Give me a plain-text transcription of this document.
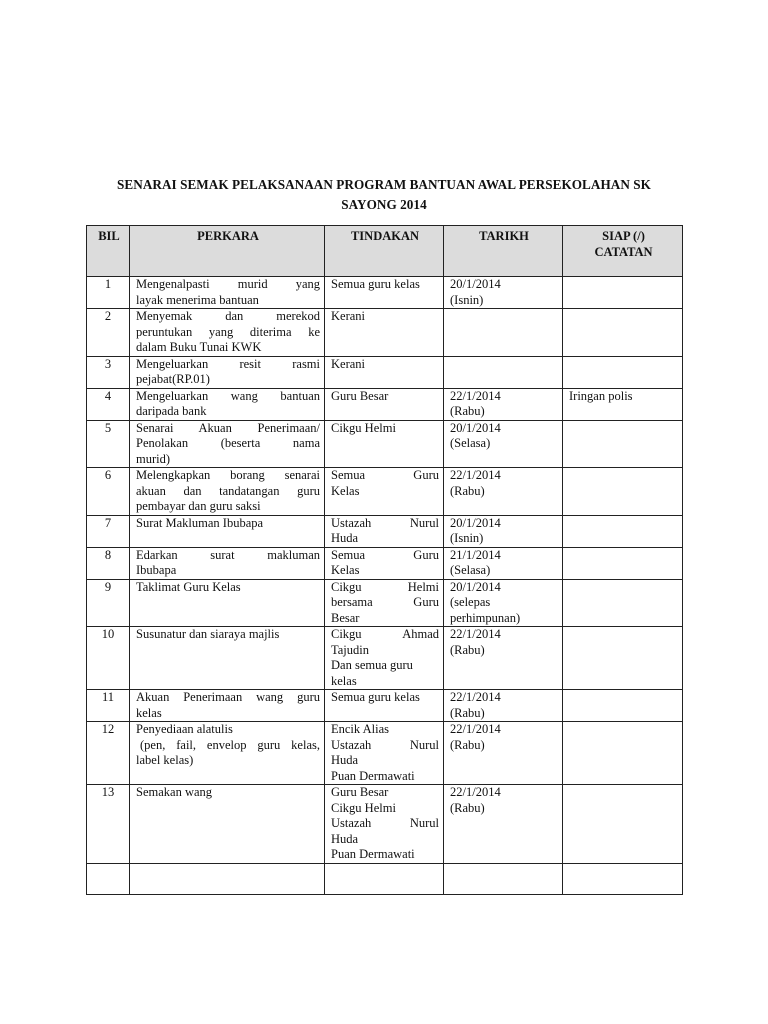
SENARAI SEMAK PELAKSANAAN PROGRAM BANTUAN AWAL PERSEKOLAHAN SK
SAYONG 2014
BIL	PERKARA	TINDAKAN	TARIKH	SIAP (/)
CATATAN

1	Mengenalpasti murid yang
layak menerima bantuan	Semua guru kelas	20/1/2014
(Isnin)	

2	Menyemak dan merekod
peruntukan yang diterima ke
dalam Buku Tunai KWK	Kerani		

3	Mengeluarkan resit rasmi
pejabat(RP.01)	Kerani		

4	Mengeluarkan wang bantuan
daripada bank	Guru Besar	22/1/2014
(Rabu)	Iringan polis

5	Senarai Akuan Penerimaan/
Penolakan (beserta nama
murid)	Cikgu Helmi	20/1/2014
(Selasa)	

6	Melengkapkan borang senarai
akuan dan tandatangan guru
pembayar dan guru saksi	Semua Guru
Kelas	22/1/2014
(Rabu)	

7	Surat Makluman Ibubapa	Ustazah Nurul
Huda	20/1/2014
(Isnin)	

8	Edarkan surat makluman
Ibubapa	Semua Guru
Kelas	21/1/2014
(Selasa)	

9	Taklimat Guru Kelas	Cikgu Helmi
bersama Guru
Besar	20/1/2014
(selepas
perhimpunan)	

10	Susunatur dan siaraya majlis	Cikgu Ahmad
Tajudin
Dan semua guru
kelas	22/1/2014
(Rabu)	

11	Akuan Penerimaan wang guru
kelas	Semua guru kelas	22/1/2014
(Rabu)	

12	Penyediaan alatulis
(pen, fail, envelop guru kelas,
label kelas)	Encik Alias
Ustazah Nurul
Huda
Puan Dermawati	22/1/2014
(Rabu)	

13	Semakan wang	Guru Besar
Cikgu Helmi
Ustazah Nurul
Huda
Puan Dermawati	22/1/2014
(Rabu)	
